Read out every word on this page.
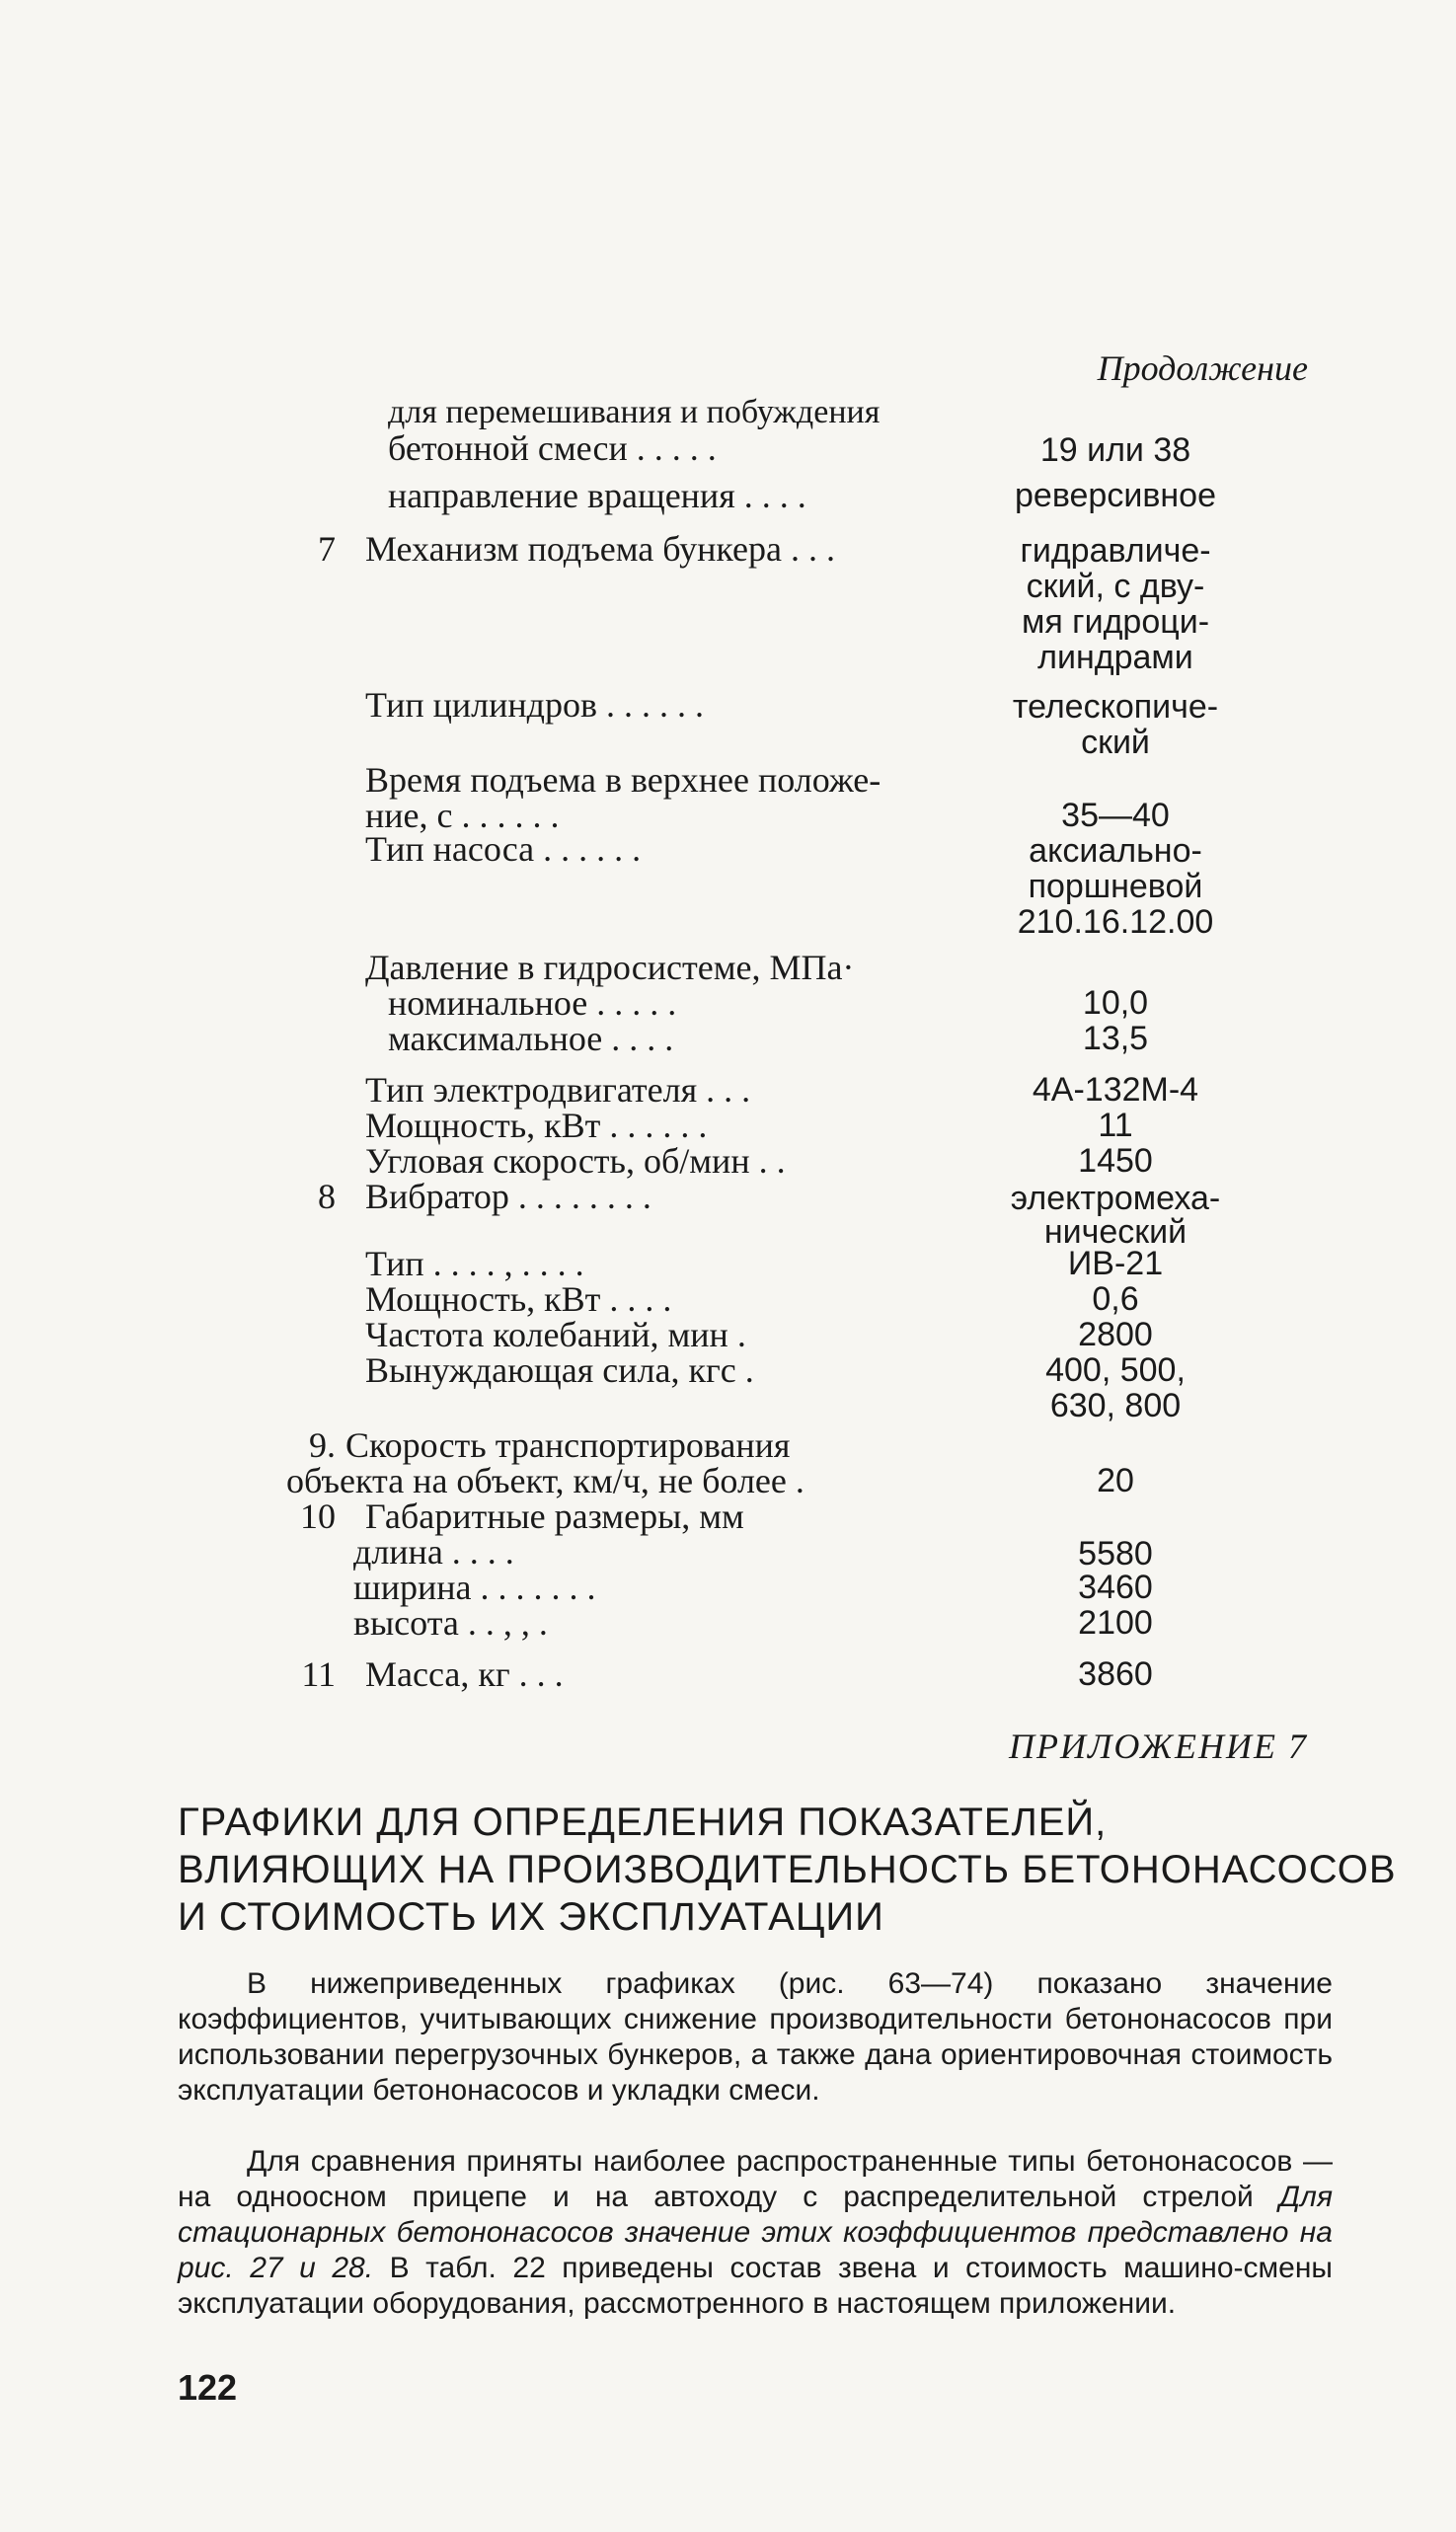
Продолжение
для перемешивания и побуждения
бетонной смеси . . . . .	19 или 38
направление вращения . . . .	реверсивное
7 Механизм подъема бункера . . .	гидравличе-
ский, с дву-
мя гидроци-
линдрами
Тип цилиндров . . . . . .	телескопиче-
ский
Время подъема в верхнее положе-
ние, с . . . . . .	35—40
Тип насоса . . . . . .	аксиально-
поршневой
210.16.12.00
Давление в гидросистеме, МПа·
номинальное . . . . .	10,0
максимальное . . . .	13,5
Тип электродвигателя . . .	4А-132М-4
Мощность, кВт . . . . . .	11
Угловая скорость, об/мин . .	1450
8 Вибратор . . . . . . . .	электромеха-
нический
Тип . . . . , . . . .	ИВ-21
Мощность, кВт . . . .	0,6
Частота колебаний, мин .	2800
Вынуждающая сила, кгс .	400, 500,
630, 800
9. Скорость транспортирования
объекта на объект, км/ч, не более .	20
10 Габаритные размеры, мм
длина . . . .	5580
ширина . . . . . . .	3460
высота . . , , .	2100
11 Масса, кг . . .	3860
ПРИЛОЖЕНИЕ 7
ГРАФИКИ ДЛЯ ОПРЕДЕЛЕНИЯ ПОКАЗАТЕЛЕЙ,
ВЛИЯЮЩИХ НА ПРОИЗВОДИТЕЛЬНОСТЬ БЕТОНОНАСОСОВ
И СТОИМОСТЬ ИХ ЭКСПЛУАТАЦИИ
В нижеприведенных графиках (рис. 63—74) показано значение коэффициентов, учитывающих снижение производительности бетононасосов при использовании перегрузочных бункеров, а также дана ориентировочная стоимость эксплуатации бетононасосов и укладки смеси.
Для сравнения приняты наиболее распространенные типы бетононасосов — на одноосном прицепе и на автоходу с распределительной стрелой Для стационарных бетононасосов значение этих коэффициентов представлено на рис. 27 и 28. В табл. 22 приведены состав звена и стоимость машино-смены эксплуатации оборудования, рассмотренного в настоящем приложении.
122
